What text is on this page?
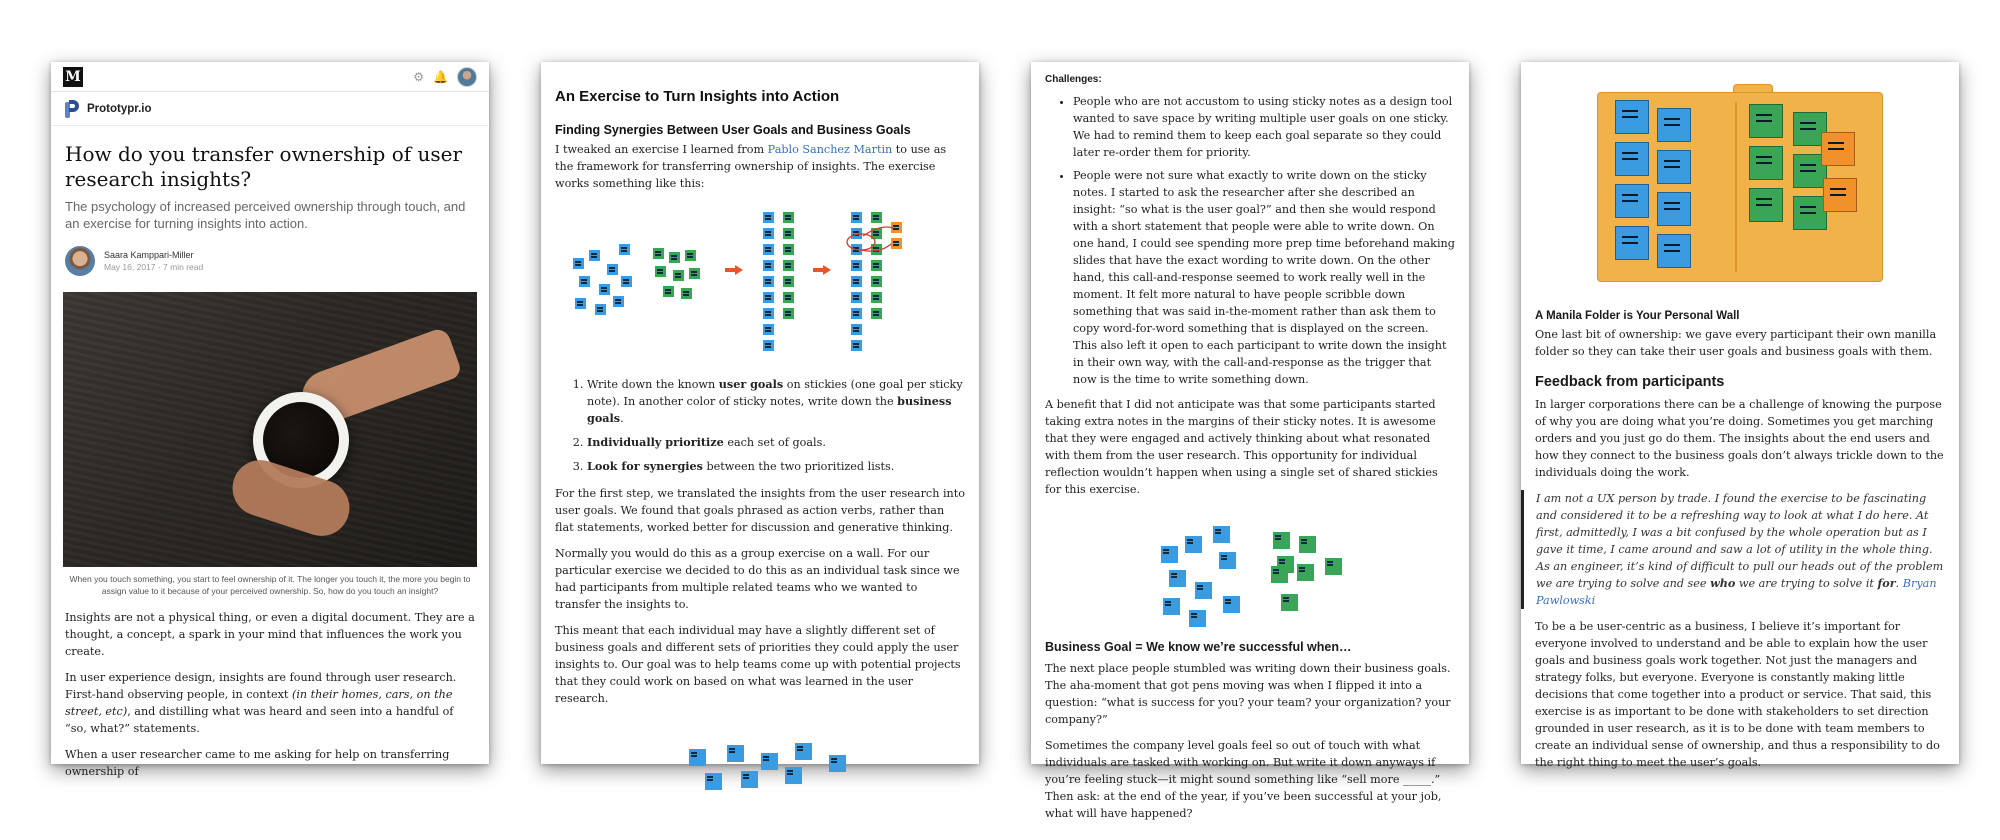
M	⚙ 🔔
Prototypr.io
How do you transfer ownership of user research insights?
The psychology of increased perceived ownership through touch, and an exercise for turning insights into action.
Saara Kamppari-Miller
May 16, 2017 · 7 min read
When you touch something, you start to feel ownership of it. The longer you touch it, the more you begin to assign value to it because of your perceived ownership. So, how do you touch an insight?

Insights are not a physical thing, or even a digital document. They are a thought, a concept, a spark in your mind that influences the work you create.

In user experience design, insights are found through user research. First-hand observing people, in context (in their homes, cars, on the street, etc), and distilling what was heard and seen into a handful of “so, what?” statements.

When a user researcher came to me asking for help on transferring ownership of

An Exercise to Turn Insights into Action
Finding Synergies Between User Goals and Business Goals

I tweaked an exercise I learned from Pablo Sanchez Martin to use as the framework for transferring ownership of insights. The exercise works something like this:

1. Write down the known user goals on stickies (one goal per sticky note). In another color of sticky notes, write down the business goals.
2. Individually prioritize each set of goals.
3. Look for synergies between the two prioritized lists.

For the first step, we translated the insights from the user research into user goals. We found that goals phrased as action verbs, rather than flat statements, worked better for discussion and generative thinking.

Normally you would do this as a group exercise on a wall. For our particular exercise we decided to do this as an individual task since we had participants from multiple related teams who we wanted to transfer the insights to.

This meant that each individual may have a slightly different set of business goals and different sets of priorities they could apply the user insights to. Our goal was to help teams come up with potential projects that they could work on based on what was learned in the user research.

Challenges:
• People who are not accustom to using sticky notes as a design tool wanted to save space by writing multiple user goals on one sticky. We had to remind them to keep each goal separate so they could later re-order them for priority.
• People were not sure what exactly to write down on the sticky notes. I started to ask the researcher after she described an insight: “so what is the user goal?” and then she would respond with a short statement that people were able to write down. On one hand, I could see spending more prep time beforehand making slides that have the exact wording to write down. On the other hand, this call-and-response seemed to work really well in the moment. It felt more natural to have people scribble down something that was said in-the-moment rather than ask them to copy word-for-word something that is displayed on the screen. This also left it open to each participant to write down the insight in their own way, with the call-and-response as the trigger that now is the time to write something down.

A benefit that I did not anticipate was that some participants started taking extra notes in the margins of their sticky notes. It is awesome that they were engaged and actively thinking about what resonated with them from the user research. This opportunity for individual reflection wouldn’t happen when using a single set of shared stickies for this exercise.

Business Goal = We know we’re successful when…

The next place people stumbled was writing down their business goals. The aha-moment that got pens moving was when I flipped it into a question: “what is success for you? your team? your organization? your company?”

Sometimes the company level goals feel so out of touch with what individuals are tasked with working on. But write it down anyways if you’re feeling stuck—it might sound something like “sell more _____.” Then ask: at the end of the year, if you’ve been successful at your job, what will have happened?

A Manila Folder is Your Personal Wall

One last bit of ownership: we gave every participant their own manilla folder so they can take their user goals and business goals with them.

Feedback from participants

In larger corporations there can be a challenge of knowing the purpose of why you are doing what you’re doing. Sometimes you get marching orders and you just go do them. The insights about the end users and how they connect to the business goals don’t always trickle down to the individuals doing the work.

I am not a UX person by trade. I found the exercise to be fascinating and considered it to be a refreshing way to look at what I do here. At first, admittedly, I was a bit confused by the whole operation but as I gave it time, I came around and saw a lot of utility in the whole thing. As an engineer, it’s kind of difficult to pull our heads out of the problem we are trying to solve and see who we are trying to solve it for. Bryan Pawlowski

To be a be user-centric as a business, I believe it’s important for everyone involved to understand and be able to explain how the user goals and business goals work together. Not just the managers and strategy folks, but everyone. Everyone is constantly making little decisions that come together into a product or service. That said, this exercise is as important to be done with stakeholders to set direction grounded in user research, as it is to be done with team members to create an individual sense of ownership, and thus a responsibility to do the right thing to meet the user’s goals.
